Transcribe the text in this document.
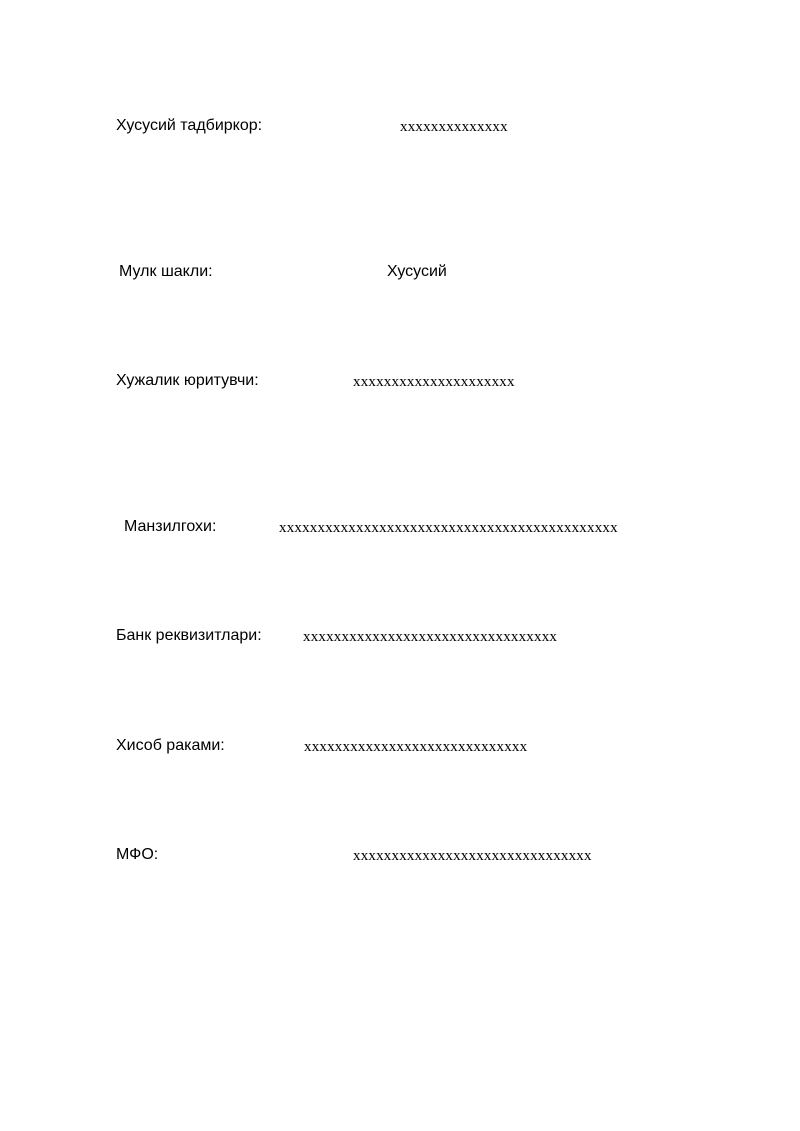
Хусусий тадбиркор:	xxxxxxxxxxxxxx
Мулк шакли:	Хусусий
Хужалик юритувчи:	xxxxxxxxxxxxxxxxxxxxx
Манзилгохи:	xxxxxxxxxxxxxxxxxxxxxxxxxxxxxxxxxxxxxxxxxxxx
Банк реквизитлари:	xxxxxxxxxxxxxxxxxxxxxxxxxxxxxxxxx
Хисоб раками:	xxxxxxxxxxxxxxxxxxxxxxxxxxxxx
МФО:	xxxxxxxxxxxxxxxxxxxxxxxxxxxxxxx
